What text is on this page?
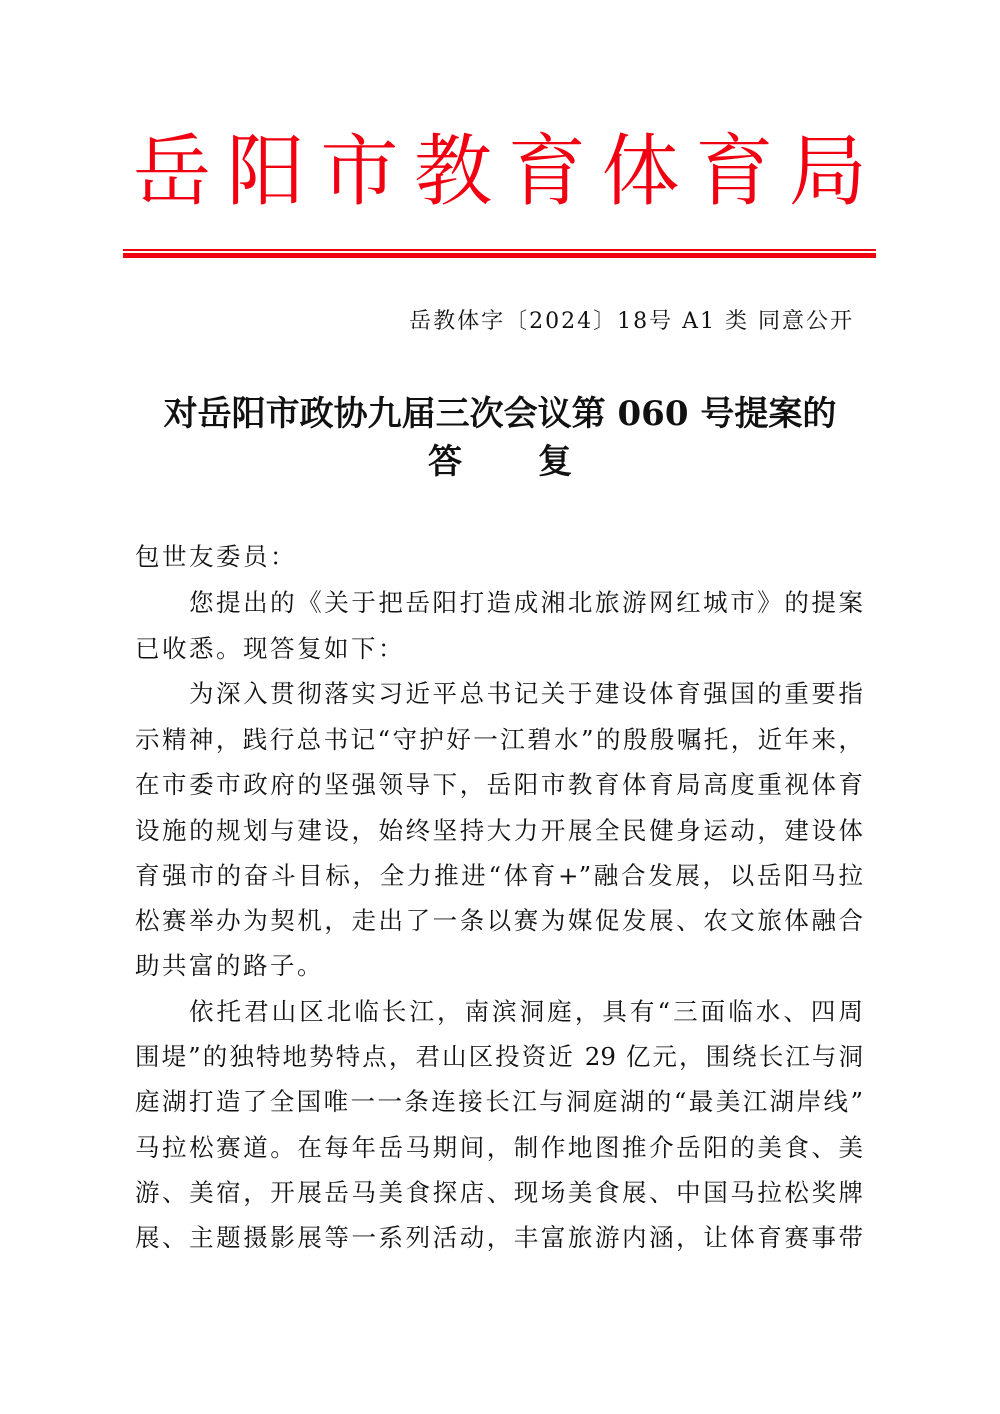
岳 阳 市 教 育 体 育 局
岳教体字〔2024〕18号 A1 类 同意公开
对岳阳市政协九届三次会议第 060 号提案的
答 复
包世友委员：
您提出的《关于把岳阳打造成湘北旅游网红城市》的提案
已收悉。现答复如下：
为深入贯彻落实习近平总书记关于建设体育强国的重要指
示精神，践行总书记“守护好一江碧水”的殷殷嘱托，近年来，
在市委市政府的坚强领导下，岳阳市教育体育局高度重视体育
设施的规划与建设，始终坚持大力开展全民健身运动，建设体
育强市的奋斗目标，全力推进“体育+”融合发展，以岳阳马拉
松赛举办为契机，走出了一条以赛为媒促发展、农文旅体融合
助共富的路子。
依托君山区北临长江，南滨洞庭，具有“三面临水、四周
围堤”的独特地势特点，君山区投资近 29 亿元，围绕长江与洞
庭湖打造了全国唯一一条连接长江与洞庭湖的“最美江湖岸线”
马拉松赛道。在每年岳马期间，制作地图推介岳阳的美食、美
游、美宿，开展岳马美食探店、现场美食展、中国马拉松奖牌
展、主题摄影展等一系列活动，丰富旅游内涵，让体育赛事带
